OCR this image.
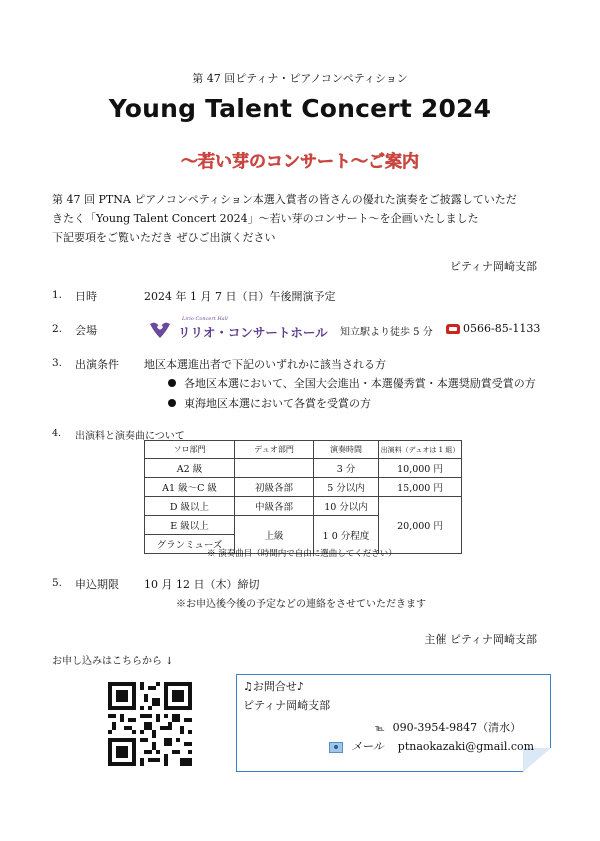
第 47 回ピティナ・ピアノコンペティション
Young Talent Concert 2024
～若い芽のコンサート～ご案内
第 47 回 PTNA ピアノコンペティション本選入賞者の皆さんの優れた演奏をご披露していただ
きたく「Young Talent Concert 2024」～若い芽のコンサート～を企画いたしました
下記要項をご覧いただき ぜひご出演ください
ピティナ岡崎支部
1. 日時	2024 年 1 月 7 日（日）午後開演予定
2. 会場
Lirio Concert Hall
リリオ・コンサートホール 知立駅より徒歩 5 分	0566-85-1133
3. 出演条件 地区本選進出者で下記のいずれかに該当される方
各地区本選において、全国大会進出・本選優秀賞・本選奨励賞受賞の方
東海地区本選において各賞を受賞の方
4. 出演料と演奏曲について
ソロ部門	デュオ部門	演奏時間	出演料（デュオは 1 組）
A2 級		3 分	10,000 円
A1 級～C 級	初級各部	5 分以内	15,000 円
D 級以上	中級各部	10 分以内	20,000 円
E 級以上	上級	1 0 分程度	
グランミューズ			
※ 演奏曲目（時間内で自由に選曲してください）
5. 申込期限 10 月 12 日（木）締切
※お申込後今後の予定などの連絡をさせていただきます
主催 ピティナ岡崎支部
お申し込みはこちらから ↓
♫お問合せ♪
ピティナ岡崎支部
℡ 090-3954-9847（清水）
メール ptnaokazaki@gmail.com
